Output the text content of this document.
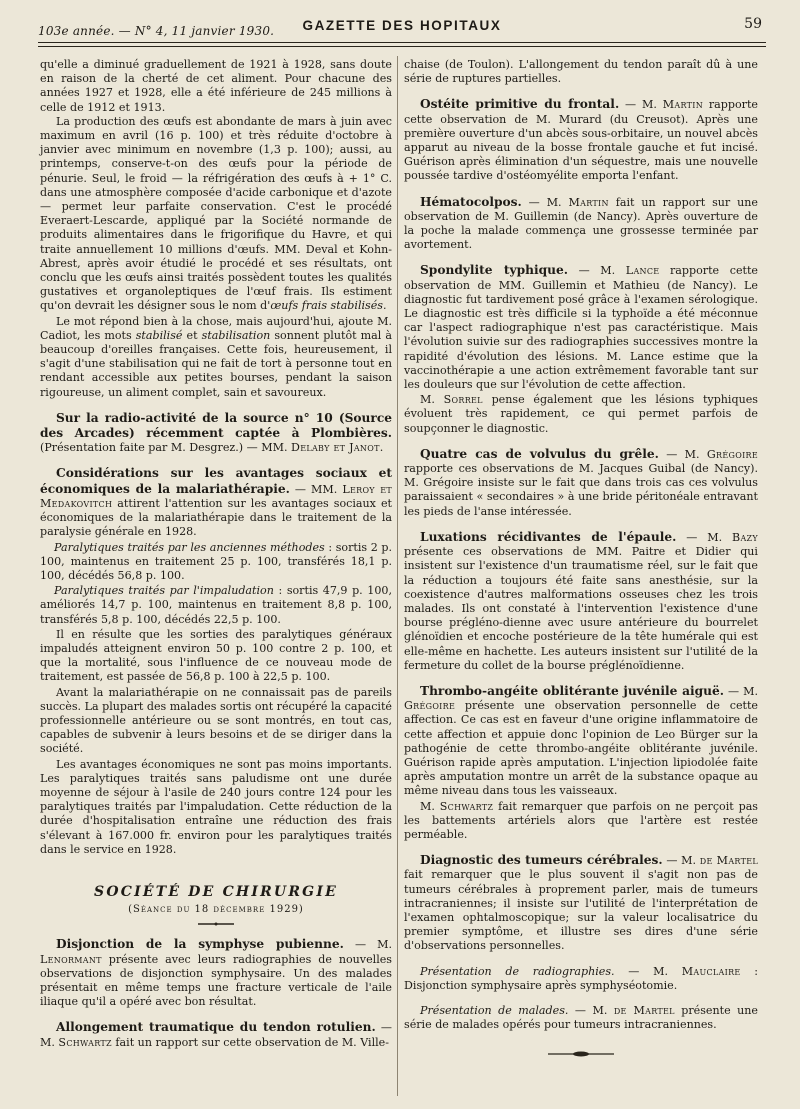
103e année. — N° 4, 11 janvier 1930.	GAZETTE DES HOPITAUX	59

qu'elle a diminué graduellement de 1921 à 1928, sans doute en raison de la cherté de cet aliment. Pour chacune des années 1927 et 1928, elle a été inférieure de 245 millions à celle de 1912 et 1913.

La production des œufs est abondante de mars à juin avec maximum en avril (16 p. 100) et très réduite d'octobre à janvier avec minimum en novembre (1,3 p. 100); aussi, au printemps, conserve-t-on des œufs pour la période de pénurie. Seul, le froid — la réfrigération des œufs à + 1° C. dans une atmosphère composée d'acide carbonique et d'azote — permet leur parfaite conservation. C'est le procédé Everaert-Lescarde, appliqué par la Société normande de produits alimentaires dans le frigorifique du Havre, et qui traite annuellement 10 millions d'œufs. MM. Deval et Kohn-Abrest, après avoir étudié le procédé et ses résultats, ont conclu que les œufs ainsi traités possèdent toutes les qualités gustatives et organoleptiques de l'œuf frais. Ils estiment qu'on devrait les désigner sous le nom d'œufs frais stabilisés.

Le mot répond bien à la chose, mais aujourd'hui, ajoute M. Cadiot, les mots stabilisé et stabilisation sonnent plutôt mal à beaucoup d'oreilles françaises. Cette fois, heureusement, il s'agit d'une stabilisation qui ne fait de tort à personne tout en rendant accessible aux petites bourses, pendant la saison rigoureuse, un aliment complet, sain et savoureux.

Sur la radio-activité de la source n° 10 (Source des Arcades) récemment captée à Plombières. (Présentation faite par M. Desgrez.) — MM. Delaby et Janot.

Considérations sur les avantages sociaux et économiques de la malariathérapie. — MM. Leroy et Medakovitch attirent l'attention sur les avantages sociaux et économiques de la malariathérapie dans le traitement de la paralysie générale en 1928.

Paralytiques traités par les anciennes méthodes : sortis 2 p. 100, maintenus en traitement 25 p. 100, transférés 18,1 p. 100, décédés 56,8 p. 100.

Paralytiques traités par l'impaludation : sortis 47,9 p. 100, améliorés 14,7 p. 100, maintenus en traitement 8,8 p. 100, transférés 5,8 p. 100, décédés 22,5 p. 100.

Il en résulte que les sorties des paralytiques généraux impaludés atteignent environ 50 p. 100 contre 2 p. 100, et que la mortalité, sous l'influence de ce nouveau mode de traitement, est passée de 56,8 p. 100 à 22,5 p. 100.

Avant la malariathérapie on ne connaissait pas de pareils succès. La plupart des malades sortis ont récupéré la capacité professionnelle antérieure ou se sont montrés, en tout cas, capables de subvenir à leurs besoins et de se diriger dans la société.

Les avantages économiques ne sont pas moins importants. Les paralytiques traités sans paludisme ont une durée moyenne de séjour à l'asile de 240 jours contre 124 pour les paralytiques traités par l'impaludation. Cette réduction de la durée d'hospitalisation entraîne une réduction des frais s'élevant à 167.000 fr. environ pour les paralytiques traités dans le service en 1928.

SOCIÉTÉ DE CHIRURGIE
(Séance du 18 décembre 1929)

Disjonction de la symphyse pubienne. — M. Lenormant présente avec leurs radiographies de nouvelles observations de disjonction symphysaire. Un des malades présentait en même temps une fracture verticale de l'aile iliaque qu'il a opéré avec bon résultat.

Allongement traumatique du tendon rotulien. — M. Schwartz fait un rapport sur cette observation de M. Ville-

chaise (de Toulon). L'allongement du tendon paraît dû à une série de ruptures partielles.

Ostéite primitive du frontal. — M. Martin rapporte cette observation de M. Murard (du Creusot). Après une première ouverture d'un abcès sous-orbitaire, un nouvel abcès apparut au niveau de la bosse frontale gauche et fut incisé. Guérison après élimination d'un séquestre, mais une nouvelle poussée tardive d'ostéomyélite emporta l'enfant.

Hématocolpos. — M. Martin fait un rapport sur une observation de M. Guillemin (de Nancy). Après ouverture de la poche la malade commença une grossesse terminée par avortement.

Spondylite typhique. — M. Lance rapporte cette observation de MM. Guillemin et Mathieu (de Nancy). Le diagnostic fut tardivement posé grâce à l'examen sérologique. Le diagnostic est très difficile si la typhoïde a été méconnue car l'aspect radiographique n'est pas caractéristique. Mais l'évolution suivie sur des radiographies successives montre la rapidité d'évolution des lésions. M. Lance estime que la vaccinothérapie a une action extrêmement favorable tant sur les douleurs que sur l'évolution de cette affection.

M. Sorrel pense également que les lésions typhiques évoluent très rapidement, ce qui permet parfois de soupçonner le diagnostic.

Quatre cas de volvulus du grêle. — M. Grégoire rapporte ces observations de M. Jacques Guibal (de Nancy). M. Grégoire insiste sur le fait que dans trois cas ces volvulus paraissaient « secondaires » à une bride péritonéale entravant les pieds de l'anse intéressée.

Luxations récidivantes de l'épaule. — M. Bazy présente ces observations de MM. Paitre et Didier qui insistent sur l'existence d'un traumatisme réel, sur le fait que la réduction a toujours été faite sans anesthésie, sur la coexistence d'autres malformations osseuses chez les trois malades. Ils ont constaté à l'intervention l'existence d'une bourse prégléno-dienne avec usure antérieure du bourrelet glénoïdien et encoche postérieure de la tête humérale qui est elle-même en hachette. Les auteurs insistent sur l'utilité de la fermeture du collet de la bourse préglénoïdienne.

Thrombo-angéite oblitérante juvénile aiguë. — M. Grégoire présente une observation personnelle de cette affection. Ce cas est en faveur d'une origine inflammatoire de cette affection et appuie donc l'opinion de Leo Bürger sur la pathogénie de cette thrombo-angéite oblitérante juvénile. Guérison rapide après amputation. L'injection lipiodolée faite après amputation montre un arrêt de la substance opaque au même niveau dans tous les vaisseaux.

M. Schwartz fait remarquer que parfois on ne perçoit pas les battements artériels alors que l'artère est restée perméable.

Diagnostic des tumeurs cérébrales. — M. de Martel fait remarquer que le plus souvent il s'agit non pas de tumeurs cérébrales à proprement parler, mais de tumeurs intracraniennes; il insiste sur l'utilité de l'interprétation de l'examen ophtalmoscopique; sur la valeur localisatrice du premier symptôme, et illustre ses dires d'une série d'observations personnelles.

Présentation de radiographies. — M. Mauclaire : Disjonction symphysaire après symphyséotomie.

Présentation de malades. — M. de Martel présente une série de malades opérés pour tumeurs intracraniennes.
